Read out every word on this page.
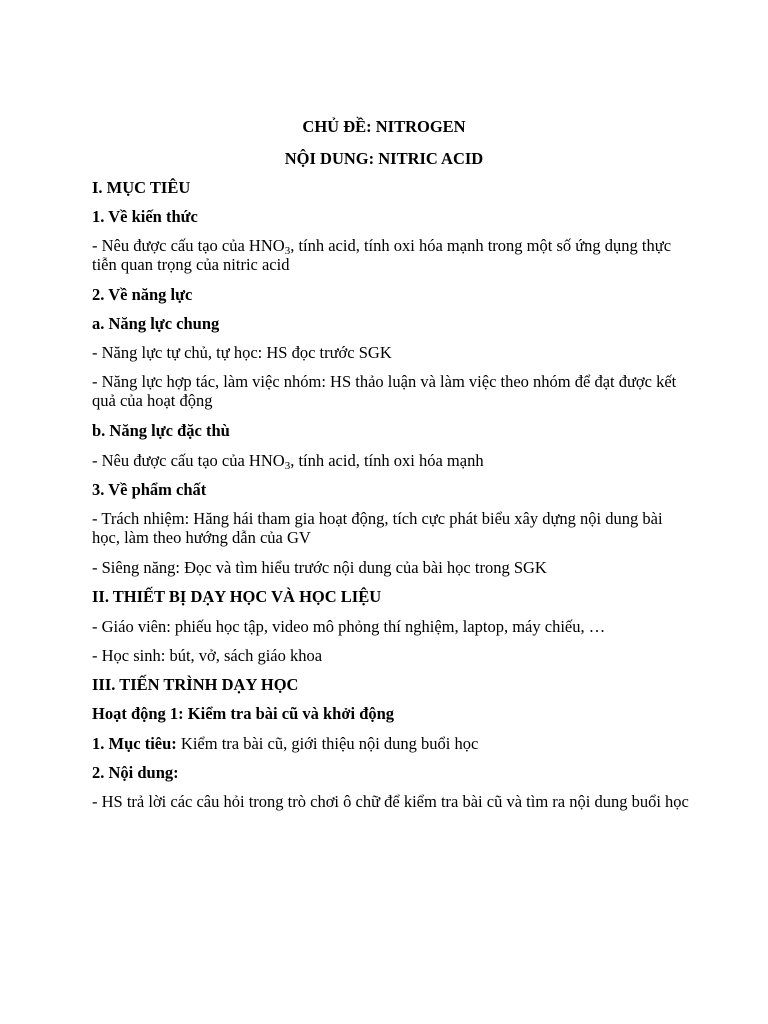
CHỦ ĐỀ: NITROGEN

NỘI DUNG: NITRIC ACID

I. MỤC TIÊU

1. Về kiến thức

- Nêu được cấu tạo của $HNO_3$, tính acid, tính oxi hóa mạnh trong một số ứng dụng thực tiễn quan trọng của nitric acid

2. Về năng lực

a. Năng lực chung

- Năng lực tự chủ, tự học: HS đọc trước SGK

- Năng lực hợp tác, làm việc nhóm: HS thảo luận và làm việc theo nhóm để đạt được kết quả của hoạt động

b. Năng lực đặc thù

- Nêu được cấu tạo của $HNO_3$, tính acid, tính oxi hóa mạnh

3. Về phẩm chất

- Trách nhiệm: Hăng hái tham gia hoạt động, tích cực phát biểu xây dựng nội dung bài học, làm theo hướng dẫn của GV

- Siêng năng: Đọc và tìm hiểu trước nội dung của bài học trong SGK

II. THIẾT BỊ DẠY HỌC VÀ HỌC LIỆU

- Giáo viên: phiếu học tập, video mô phỏng thí nghiệm, laptop, máy chiếu, …

- Học sinh: bút, vở, sách giáo khoa

III. TIẾN TRÌNH DẠY HỌC

Hoạt động 1: Kiểm tra bài cũ và khởi động

1. Mục tiêu: Kiểm tra bài cũ, giới thiệu nội dung buổi học

2. Nội dung:

- HS trả lời các câu hỏi trong trò chơi ô chữ để kiểm tra bài cũ và tìm ra nội dung buổi học
